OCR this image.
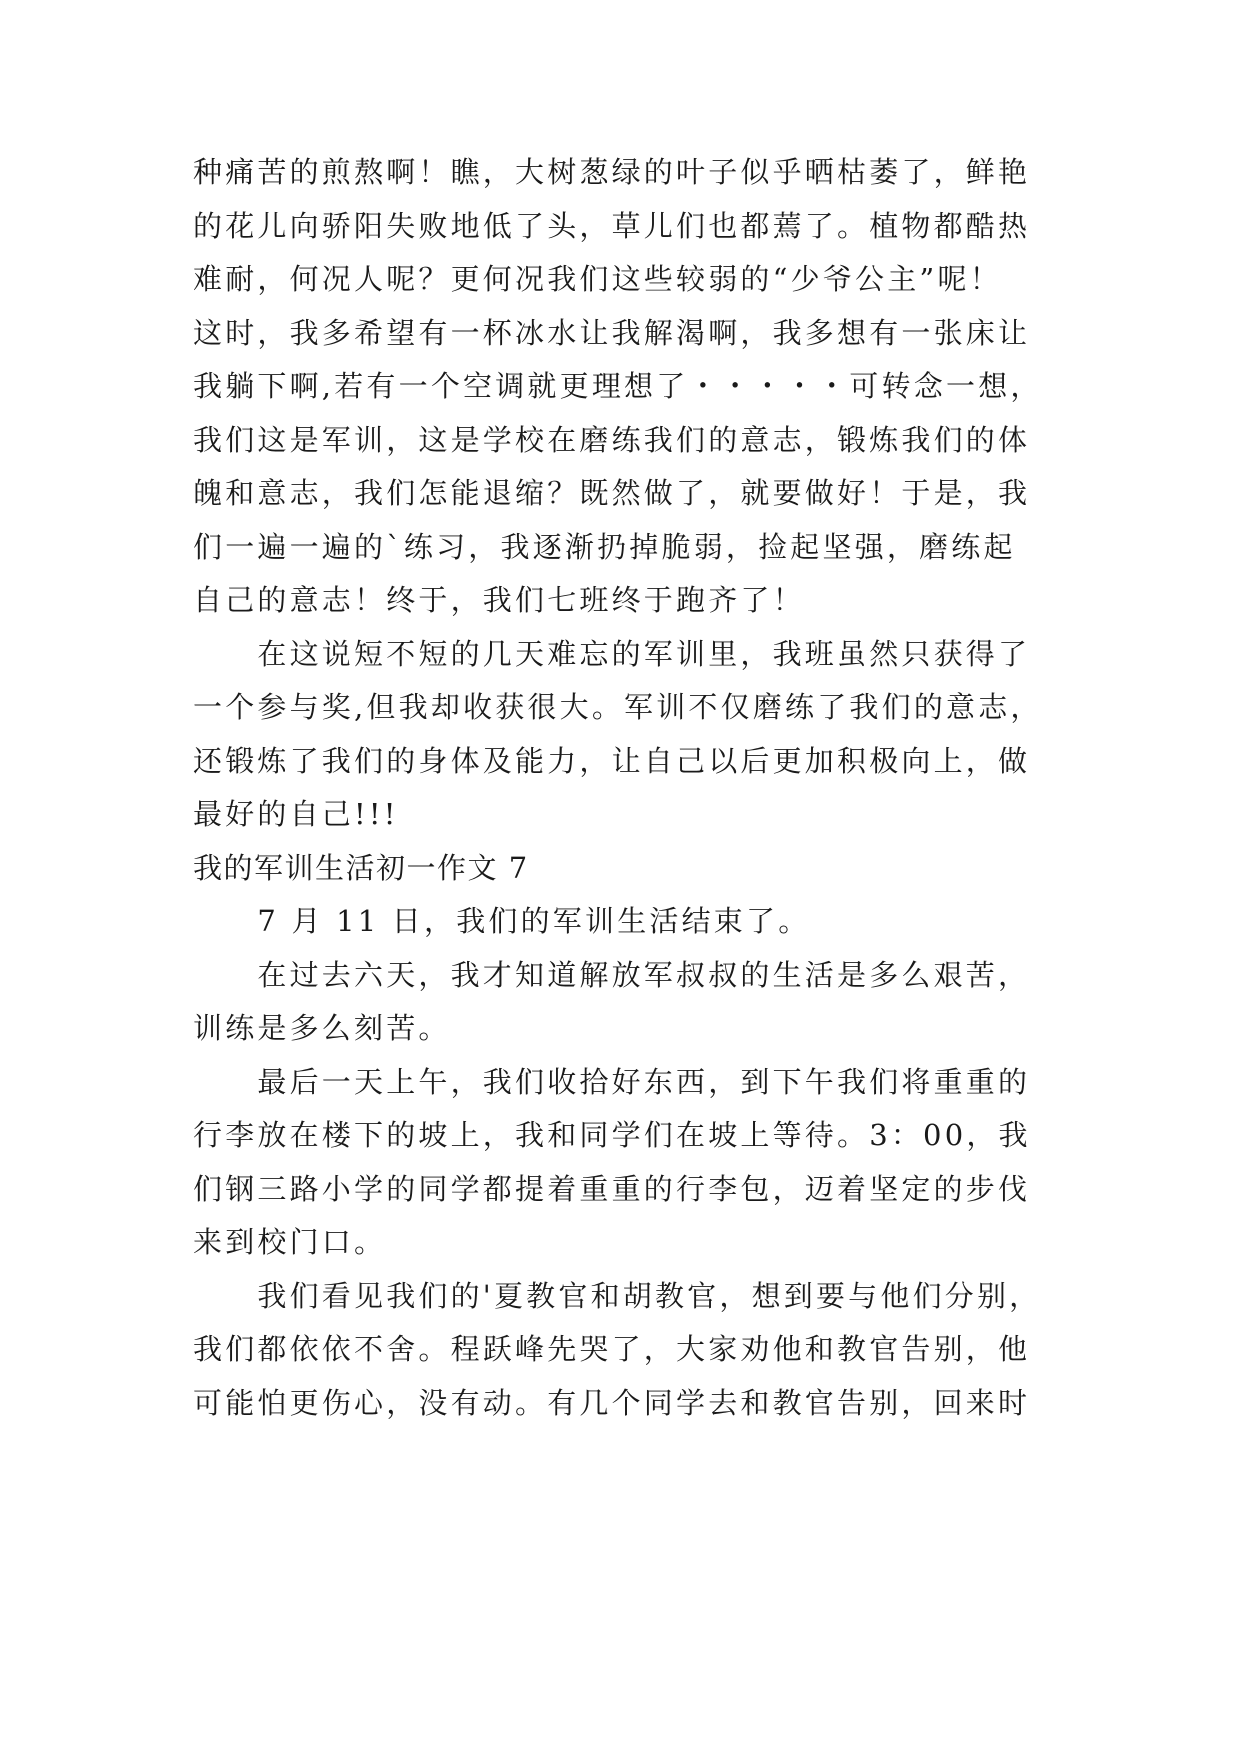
种痛苦的煎熬啊！瞧，大树葱绿的叶子似乎晒枯萎了，鲜艳
的花儿向骄阳失败地低了头，草儿们也都蔫了。植物都酷热
难耐，何况人呢？更何况我们这些较弱的“少爷公主”呢！
这时，我多希望有一杯冰水让我解渴啊，我多想有一张床让
我躺下啊,若有一个空调就更理想了・・・・・可转念一想，
我们这是军训，这是学校在磨练我们的意志，锻炼我们的体
魄和意志，我们怎能退缩？既然做了，就要做好！于是，我
们一遍一遍的`练习，我逐渐扔掉脆弱，捡起坚强，磨练起
自己的意志！终于，我们七班终于跑齐了！
　　在这说短不短的几天难忘的军训里，我班虽然只获得了
一个参与奖,但我却收获很大。军训不仅磨练了我们的意志，
还锻炼了我们的身体及能力，让自己以后更加积极向上，做
最好的自己!!!
我的军训生活初一作文 7
　　7 月 11 日，我们的军训生活结束了。
　　在过去六天，我才知道解放军叔叔的生活是多么艰苦，
训练是多么刻苦。
　　最后一天上午，我们收拾好东西，到下午我们将重重的
行李放在楼下的坡上，我和同学们在坡上等待。3：00，我
们钢三路小学的同学都提着重重的行李包，迈着坚定的步伐
来到校门口。
　　我们看见我们的'夏教官和胡教官，想到要与他们分别，
我们都依依不舍。程跃峰先哭了，大家劝他和教官告别，他
可能怕更伤心，没有动。有几个同学去和教官告别，回来时
